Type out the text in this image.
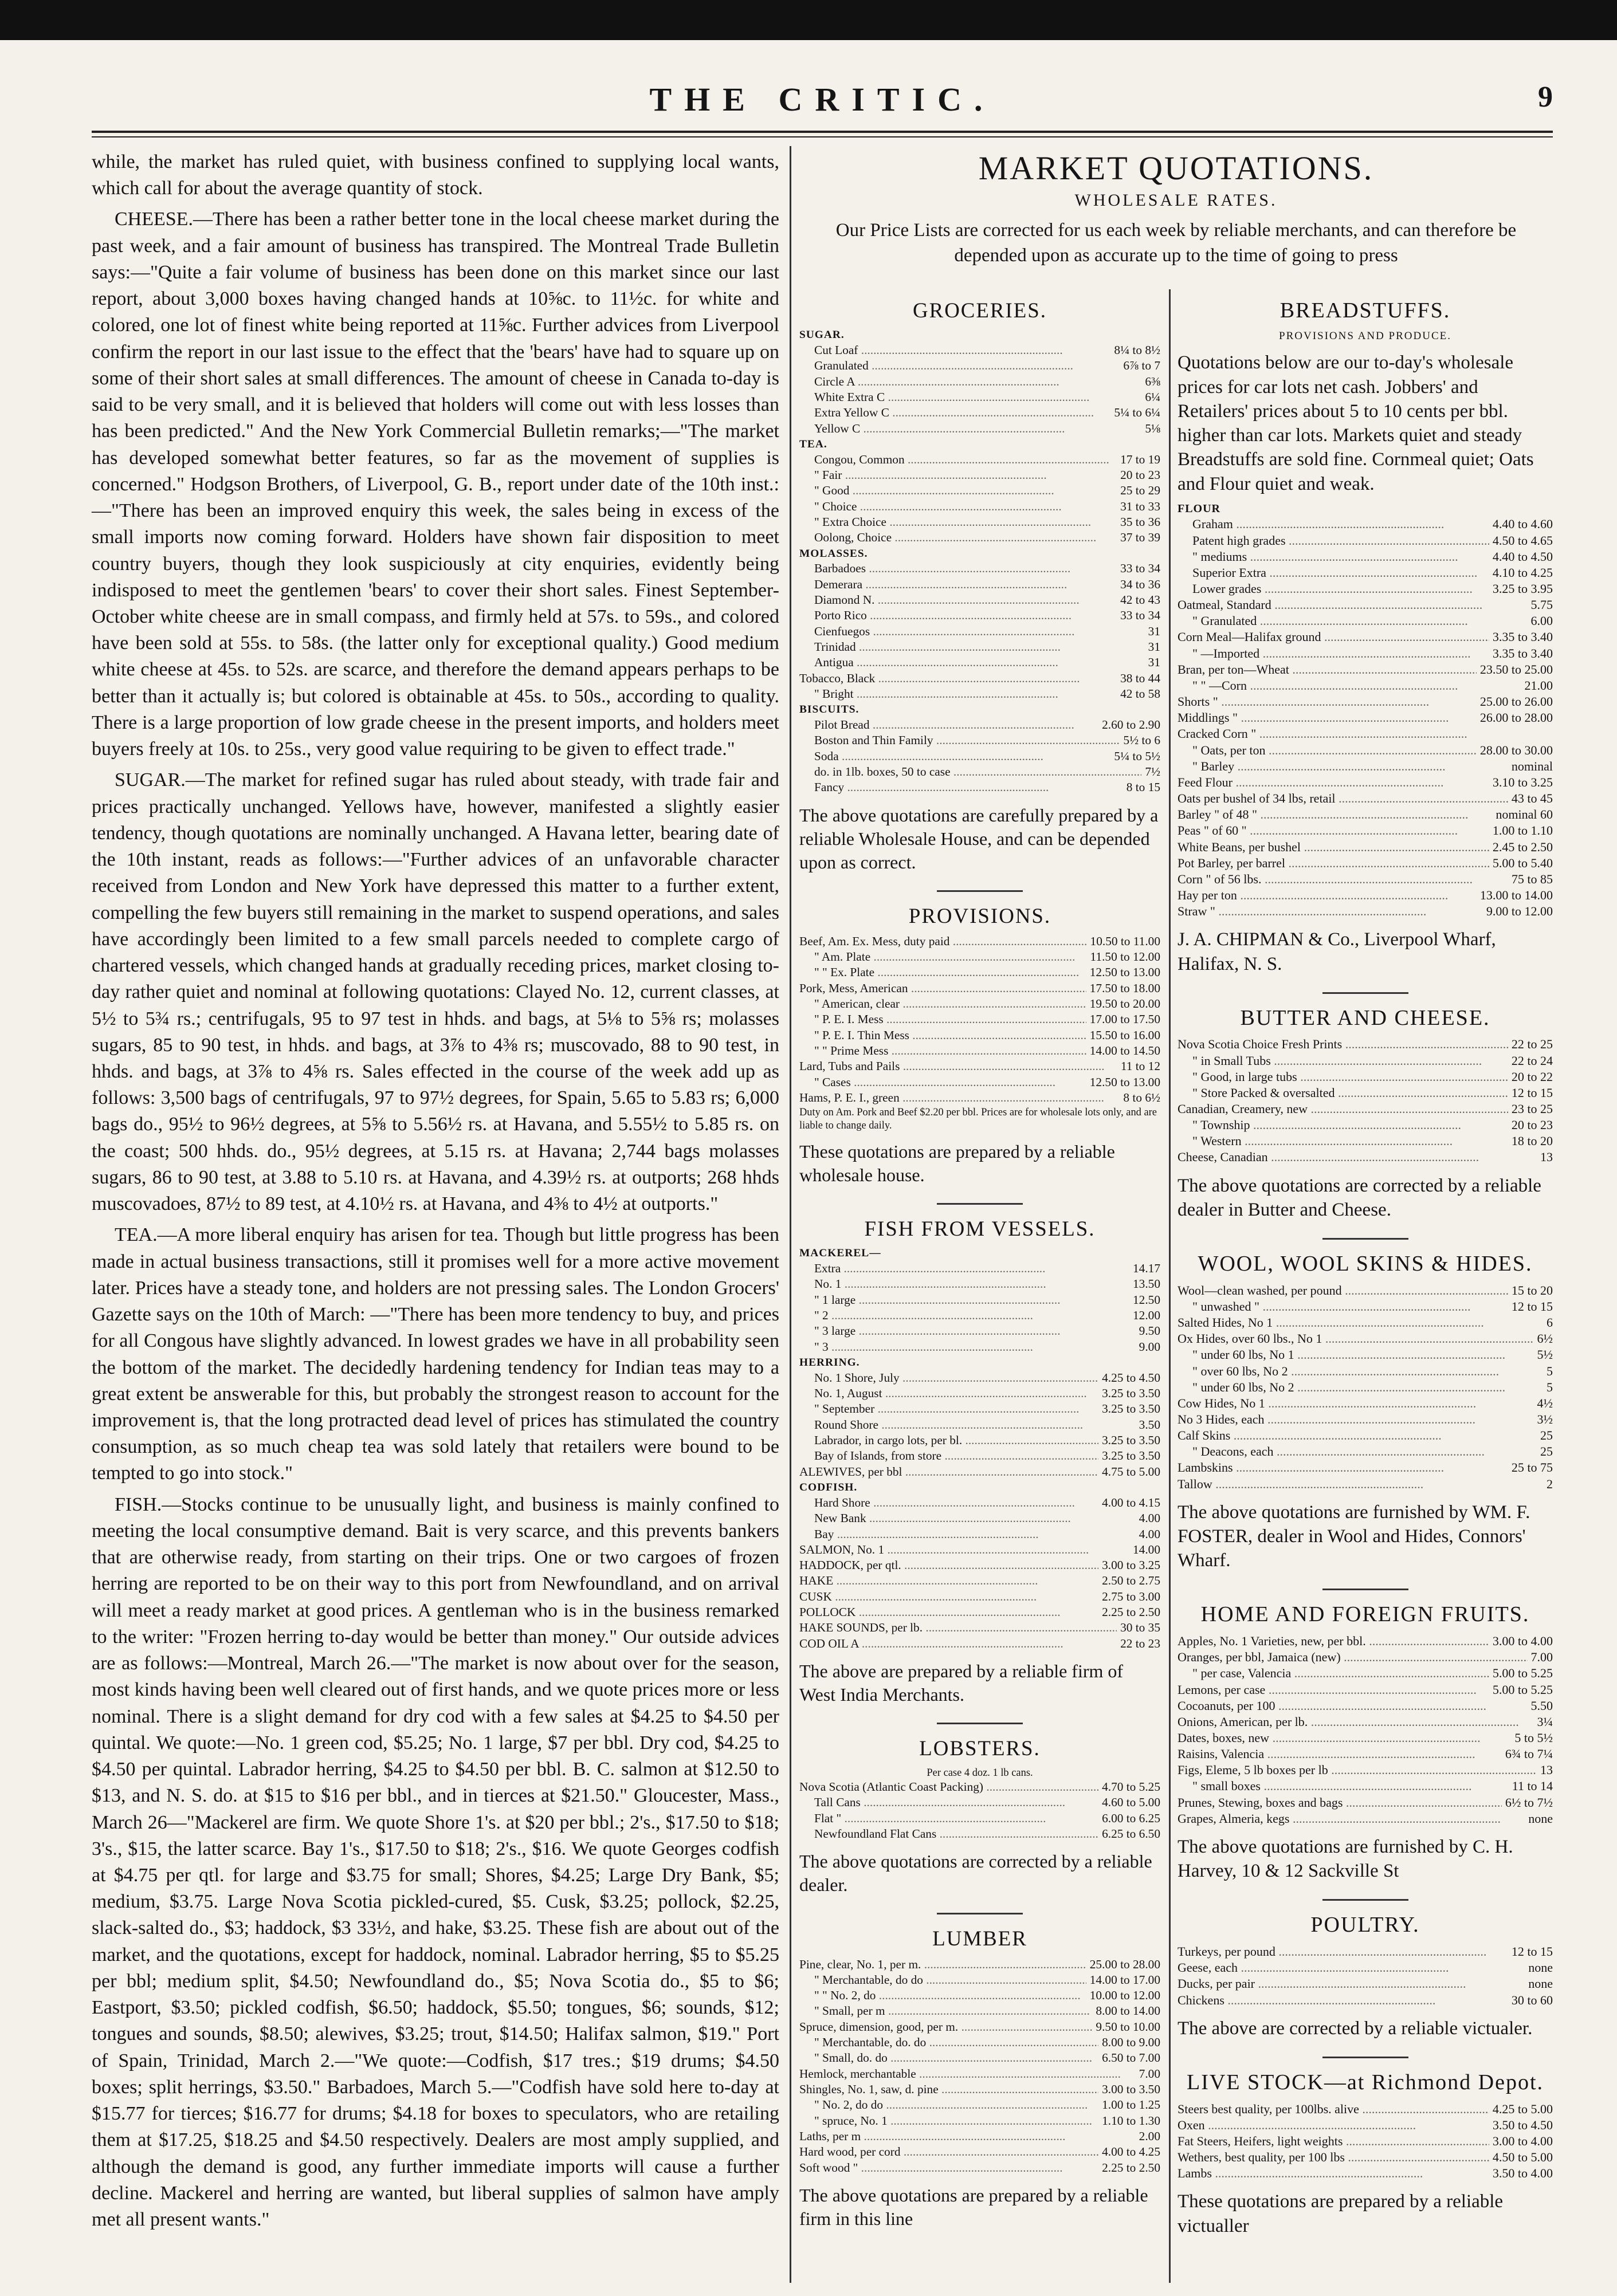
THE CRITIC.	9

while, the market has ruled quiet, with business confined to supplying local wants, which call for about the average quantity of stock.

CHEESE.—There has been a rather better tone in the local cheese market during the past week, and a fair amount of business has transpired. The Montreal Trade Bulletin says:—"Quite a fair volume of business has been done on this market since our last report, about 3,000 boxes having changed hands at 10⅝c. to 11½c. for white and colored, one lot of finest white being reported at 11⅝c. Further advices from Liverpool confirm the report in our last issue to the effect that the 'bears' have had to square up on some of their short sales at small differences. The amount of cheese in Canada to-day is said to be very small, and it is believed that holders will come out with less losses than has been predicted." And the New York Commercial Bulletin remarks;—"The market has developed somewhat better features, so far as the movement of supplies is concerned." Hodgson Brothers, of Liverpool, G. B., report under date of the 10th inst.:—"There has been an improved enquiry this week, the sales being in excess of the small imports now coming forward. Holders have shown fair disposition to meet country buyers, though they look suspiciously at city enquiries, evidently being indisposed to meet the gentlemen 'bears' to cover their short sales. Finest September-October white cheese are in small compass, and firmly held at 57s. to 59s., and colored have been sold at 55s. to 58s. (the latter only for exceptional quality.) Good medium white cheese at 45s. to 52s. are scarce, and therefore the demand appears perhaps to be better than it actually is; but colored is obtainable at 45s. to 50s., according to quality. There is a large proportion of low grade cheese in the present imports, and holders meet buyers freely at 10s. to 25s., very good value requiring to be given to effect trade."

SUGAR.—The market for refined sugar has ruled about steady, with trade fair and prices practically unchanged. Yellows have, however, manifested a slightly easier tendency, though quotations are nominally unchanged. A Havana letter, bearing date of the 10th instant, reads as follows:—"Further advices of an unfavorable character received from London and New York have depressed this matter to a further extent, compelling the few buyers still remaining in the market to suspend operations, and sales have accordingly been limited to a few small parcels needed to complete cargo of chartered vessels, which changed hands at gradually receding prices, market closing to-day rather quiet and nominal at following quotations: Clayed No. 12, current classes, at 5½ to 5¾ rs.; centrifugals, 95 to 97 test in hhds. and bags, at 5⅛ to 5⅝ rs; molasses sugars, 85 to 90 test, in hhds. and bags, at 3⅞ to 4⅜ rs; muscovado, 88 to 90 test, in hhds. and bags, at 3⅞ to 4⅝ rs. Sales effected in the course of the week add up as follows: 3,500 bags of centrifugals, 97 to 97½ degrees, for Spain, 5.65 to 5.83 rs; 6,000 bags do., 95½ to 96½ degrees, at 5⅝ to 5.56½ rs. at Havana, and 5.55½ to 5.85 rs. on the coast; 500 hhds. do., 95½ degrees, at 5.15 rs. at Havana; 2,744 bags molasses sugars, 86 to 90 test, at 3.88 to 5.10 rs. at Havana, and 4.39½ rs. at outports; 268 hhds muscovadoes, 87½ to 89 test, at 4.10½ rs. at Havana, and 4⅜ to 4½ at outports."

TEA.—A more liberal enquiry has arisen for tea. Though but little progress has been made in actual business transactions, still it promises well for a more active movement later. Prices have a steady tone, and holders are not pressing sales. The London Grocers' Gazette says on the 10th of March: —"There has been more tendency to buy, and prices for all Congous have slightly advanced. In lowest grades we have in all probability seen the bottom of the market. The decidedly hardening tendency for Indian teas may to a great extent be answerable for this, but probably the strongest reason to account for the improvement is, that the long protracted dead level of prices has stimulated the country consumption, as so much cheap tea was sold lately that retailers were bound to be tempted to go into stock."

FISH.—Stocks continue to be unusually light, and business is mainly confined to meeting the local consumptive demand. Bait is very scarce, and this prevents bankers that are otherwise ready, from starting on their trips. One or two cargoes of frozen herring are reported to be on their way to this port from Newfoundland, and on arrival will meet a ready market at good prices. A gentleman who is in the business remarked to the writer: "Frozen herring to-day would be better than money." Our outside advices are as follows:—Montreal, March 26.—"The market is now about over for the season, most kinds having been well cleared out of first hands, and we quote prices more or less nominal. There is a slight demand for dry cod with a few sales at $4.25 to $4.50 per quintal. We quote:—No. 1 green cod, $5.25; No. 1 large, $7 per bbl. Dry cod, $4.25 to $4.50 per quintal. Labrador herring, $4.25 to $4.50 per bbl. B. C. salmon at $12.50 to $13, and N. S. do. at $15 to $16 per bbl., and in tierces at $21.50." Gloucester, Mass., March 26—"Mackerel are firm. We quote Shore 1's. at $20 per bbl.; 2's., $17.50 to $18; 3's., $15, the latter scarce. Bay 1's., $17.50 to $18; 2's., $16. We quote Georges codfish at $4.75 per qtl. for large and $3.75 for small; Shores, $4.25; Large Dry Bank, $5; medium, $3.75. Large Nova Scotia pickled-cured, $5. Cusk, $3.25; pollock, $2.25, slack-salted do., $3; haddock, $3 33½, and hake, $3.25. These fish are about out of the market, and the quotations, except for haddock, nominal. Labrador herring, $5 to $5.25 per bbl; medium split, $4.50; Newfoundland do., $5; Nova Scotia do., $5 to $6; Eastport, $3.50; pickled codfish, $6.50; haddock, $5.50; tongues, $6; sounds, $12; tongues and sounds, $8.50; alewives, $3.25; trout, $14.50; Halifax salmon, $19." Port of Spain, Trinidad, March 2.—"We quote:—Codfish, $17 tres.; $19 drums; $4.50 boxes; split herrings, $3.50." Barbadoes, March 5.—"Codfish have sold here to-day at $15.77 for tierces; $16.77 for drums; $4.18 for boxes to speculators, who are retailing them at $17.25, $18.25 and $4.50 respectively. Dealers are most amply supplied, and although the demand is good, any further immediate imports will cause a further decline. Mackerel and herring are wanted, but liberal supplies of salmon have amply met all present wants."

MARKET QUOTATIONS.
WHOLESALE RATES.
Our Price Lists are corrected for us each week by reliable merchants, and can therefore be depended upon as accurate up to the time of going to press
GROCERIES.
SUGAR.
Cut Loaf .....	8¼ to 8½
Granulated .....	6⅞ to 7
Circle A .....	6⅜
White Extra C .....	6¼
Extra Yellow C .....	5¼ to 6¼
Yellow C .....	5⅛
TEA.
Congou, Common .....	17 to 19
" Fair .....	20 to 23
" Good .....	25 to 29
" Choice .....	31 to 33
" Extra Choice .....	35 to 36
Oolong, Choice .....	37 to 39
MOLASSES.
Barbadoes .....	33 to 34
Demerara .....	34 to 36
Diamond N. .....	42 to 43
Porto Rico .....	33 to 34
Cienfuegos .....	31
Trinidad .....	31
Antigua .....	31
Tobacco, Black .....	38 to 44
" Bright .....	42 to 58
BISCUITS.
Pilot Bread .....	2.60 to 2.90
Boston and Thin Family .....	5½ to 6
Soda .....	5¼ to 5½
do. in 1lb. boxes, 50 to case .....	7½
Fancy .....	8 to 15
The above quotations are carefully prepared by a reliable Wholesale House, and can be depended upon as correct.
PROVISIONS.
Beef, Am. Ex. Mess, duty paid .....	10.50 to 11.00
" Am. Plate .....	11.50 to 12.00
" " Ex. Plate .....	12.50 to 13.00
Pork, Mess, American .....	17.50 to 18.00
" American, clear .....	19.50 to 20.00
" P. E. I. Mess .....	17.00 to 17.50
" P. E. I. Thin Mess .....	15.50 to 16.00
" " Prime Mess .....	14.00 to 14.50
Lard, Tubs and Pails .....	11 to 12
" Cases .....	12.50 to 13.00
Hams, P. E. I., green .....	8 to 6½
Duty on Am. Pork and Beef $2.20 per bbl. Prices are for wholesale lots only, and are liable to change daily.
These quotations are prepared by a reliable wholesale house.
FISH FROM VESSELS.
MACKEREL—
Extra .....	14.17
No. 1 .....	13.50
" 1 large .....	12.50
" 2 .....	12.00
" 3 large .....	9.50
" 3 .....	9.00
HERRING.
No. 1 Shore, July .....	4.25 to 4.50
No. 1, August .....	3.25 to 3.50
" September .....	3.25 to 3.50
Round Shore .....	3.50
Labrador, in cargo lots, per bl. .....	3.25 to 3.50
Bay of Islands, from store .....	3.25 to 3.50
ALEWIVES, per bbl .....	4.75 to 5.00
CODFISH.
Hard Shore .....	4.00 to 4.15
New Bank .....	4.00
Bay .....	4.00
SALMON, No. 1 .....	14.00
HADDOCK, per qtl. .....	3.00 to 3.25
HAKE .....	2.50 to 2.75
CUSK .....	2.75 to 3.00
POLLOCK .....	2.25 to 2.50
HAKE SOUNDS, per lb. .....	30 to 35
COD OIL A .....	22 to 23
The above are prepared by a reliable firm of West India Merchants.
LOBSTERS.
Per case 4 doz. 1 lb cans.
Nova Scotia (Atlantic Coast Packing) .....	4.70 to 5.25
Tall Cans .....	4.60 to 5.00
Flat " .....	6.00 to 6.25
Newfoundland Flat Cans .....	6.25 to 6.50
The above quotations are corrected by a reliable dealer.
LUMBER
Pine, clear, No. 1, per m. .....	25.00 to 28.00
" Merchantable, do do .....	14.00 to 17.00
" " No. 2, do .....	10.00 to 12.00
" Small, per m .....	8.00 to 14.00
Spruce, dimension, good, per m. .....	9.50 to 10.00
" Merchantable, do. do .....	8.00 to 9.00
" Small, do. do .....	6.50 to 7.00
Hemlock, merchantable .....	7.00
Shingles, No. 1, saw, d. pine .....	3.00 to 3.50
" No. 2, do do .....	1.00 to 1.25
" spruce, No. 1 .....	1.10 to 1.30
Laths, per m .....	2.00
Hard wood, per cord .....	4.00 to 4.25
Soft wood " .....	2.25 to 2.50
The above quotations are prepared by a reliable firm in this line
BREADSTUFFS.
PROVISIONS AND PRODUCE.
Quotations below are our to-day's wholesale prices for car lots net cash. Jobbers' and Retailers' prices about 5 to 10 cents per bbl. higher than car lots. Markets quiet and steady Breadstuffs are sold fine. Cornmeal quiet; Oats and Flour quiet and weak.
FLOUR
Graham .....	4.40 to 4.60
Patent high grades .....	4.50 to 4.65
" mediums .....	4.40 to 4.50
Superior Extra .....	4.10 to 4.25
Lower grades .....	3.25 to 3.95
Oatmeal, Standard .....	5.75
" Granulated .....	6.00
Corn Meal—Halifax ground .....	3.35 to 3.40
" —Imported .....	3.35 to 3.40
Bran, per ton—Wheat .....	23.50 to 25.00
" " —Corn .....	21.00
Shorts " .....	25.00 to 26.00
Middlings " .....	26.00 to 28.00
Cracked Corn " .....
" Oats, per ton .....	28.00 to 30.00
" Barley .....	nominal
Feed Flour .....	3.10 to 3.25
Oats per bushel of 34 lbs, retail .....	43 to 45
Barley " of 48 " .....	nominal 60
Peas " of 60 " .....	1.00 to 1.10
White Beans, per bushel .....	2.45 to 2.50
Pot Barley, per barrel .....	5.00 to 5.40
Corn " of 56 lbs. .....	75 to 85
Hay per ton .....	13.00 to 14.00
Straw " .....	9.00 to 12.00
J. A. CHIPMAN & Co., Liverpool Wharf, Halifax, N. S.
BUTTER AND CHEESE.
Nova Scotia Choice Fresh Prints .....	22 to 25
" in Small Tubs .....	22 to 24
" Good, in large tubs .....	20 to 22
" Store Packed & oversalted .....	12 to 15
Canadian, Creamery, new .....	23 to 25
" Township .....	20 to 23
" Western .....	18 to 20
Cheese, Canadian .....	13
The above quotations are corrected by a reliable dealer in Butter and Cheese.
WOOL, WOOL SKINS & HIDES.
Wool—clean washed, per pound .....	15 to 20
" unwashed " .....	12 to 15
Salted Hides, No 1 .....	6
Ox Hides, over 60 lbs., No 1 .....	6½
" under 60 lbs, No 1 .....	5½
" over 60 lbs, No 2 .....	5
" under 60 lbs, No 2 .....	5
Cow Hides, No 1 .....	4½
No 3 Hides, each .....	3½
Calf Skins .....	25
" Deacons, each .....	25
Lambskins .....	25 to 75
Tallow .....	2
The above quotations are furnished by WM. F. FOSTER, dealer in Wool and Hides, Connors' Wharf.
HOME AND FOREIGN FRUITS.
Apples, No. 1 Varieties, new, per bbl. .....	3.00 to 4.00
Oranges, per bbl, Jamaica (new) .....	7.00
" per case, Valencia .....	5.00 to 5.25
Lemons, per case .....	5.00 to 5.25
Cocoanuts, per 100 .....	5.50
Onions, American, per lb. .....	3¼
Dates, boxes, new .....	5 to 5½
Raisins, Valencia .....	6¾ to 7¼
Figs, Eleme, 5 lb boxes per lb .....	13
" small boxes .....	11 to 14
Prunes, Stewing, boxes and bags .....	6½ to 7½
Grapes, Almeria, kegs .....	none
The above quotations are furnished by C. H. Harvey, 10 & 12 Sackville St
POULTRY.
Turkeys, per pound .....	12 to 15
Geese, each .....	none
Ducks, per pair .....	none
Chickens .....	30 to 60
The above are corrected by a reliable victualer.
LIVE STOCK—at Richmond Depot.
Steers best quality, per 100lbs. alive .....	4.25 to 5.00
Oxen .....	3.50 to 4.50
Fat Steers, Heifers, light weights .....	3.00 to 4.00
Wethers, best quality, per 100 lbs .....	4.50 to 5.00
Lambs .....	3.50 to 4.00
These quotations are prepared by a reliable victualler
